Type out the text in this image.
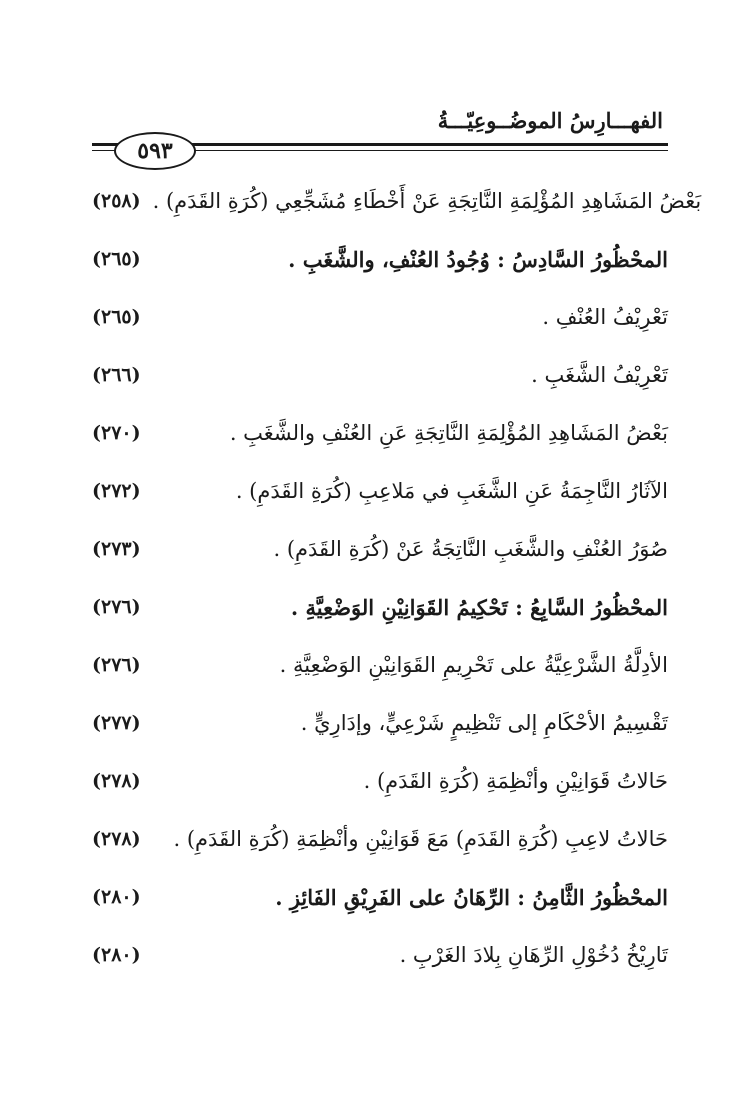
الفهـــارِسُ الموضُــوعِيّـــةُ
٥٩٣
(٢٥٨) بَعْضُ المَشَاهِدِ المُؤْلِمَةِ النَّاتِجَةِ عَنْ أَخْطَاءِ مُشَجِّعِي (كُرَةِ القَدَمِ) .
(٢٦٥)	المحْظُورُ السَّادِسُ : وُجُودُ العُنْفِ، والشَّغَبِ .
(٢٦٥)	تَعْرِيْفُ العُنْفِ .
(٢٦٦)	تَعْرِيْفُ الشَّغَبِ .
(٢٧٠)	بَعْضُ المَشَاهِدِ المُؤْلِمَةِ النَّاتِجَةِ عَنِ العُنْفِ والشَّغَبِ .
(٢٧٢)	الآثَارُ النَّاجِمَةُ عَنِ الشَّغَبِ في مَلاعِبِ (كُرَةِ القَدَمِ) .
(٢٧٣)	صُوَرُ العُنْفِ والشَّغَبِ النَّاتِجَةُ عَنْ (كُرَةِ القَدَمِ) .
(٢٧٦)	المحْظُورُ السَّابِعُ : تَحْكِيمُ القَوَانِيْنِ الوَضْعِيَّةِ .
(٢٧٦)	الأدِلَّةُ الشَّرْعِيَّةُ على تَحْرِيمِ القَوَانِيْنِ الوَضْعِيَّةِ .
(٢٧٧)	تَقْسِيمُ الأحْكَامِ إلى تَنْظِيمٍ شَرْعِيٍّ، وإدَارِيٍّ .
(٢٧٨)	حَالاتُ قَوَانِيْنِ وأنْظِمَةِ (كُرَةِ القَدَمِ) .
(٢٧٨)	حَالاتُ لاعِبِ (كُرَةِ القَدَمِ) مَعَ قَوَانِيْنِ وأنْظِمَةِ (كُرَةِ القَدَمِ) .
(٢٨٠)	المحْظُورُ الثَّامِنُ : الرِّهَانُ على الفَرِيْقِ الفَائِزِ .
(٢٨٠)	تَارِيْخُ دُخُوْلِ الرِّهَانِ بِلادَ الغَرْبِ .
